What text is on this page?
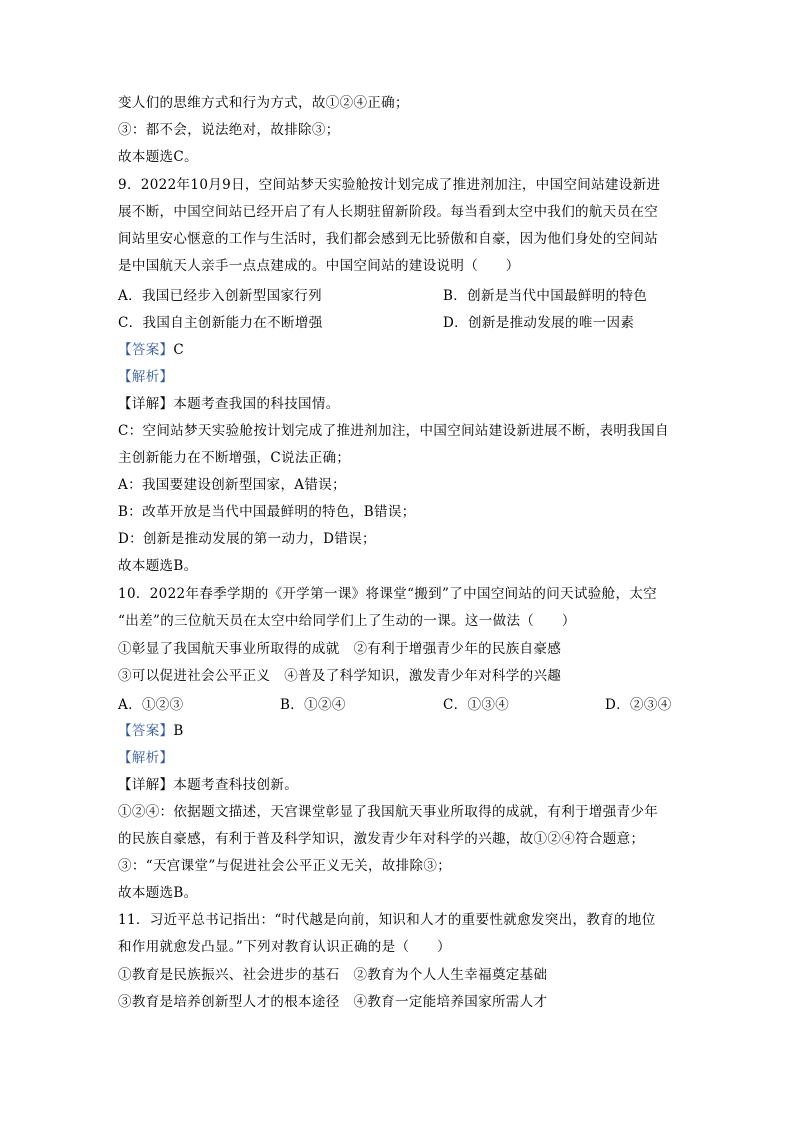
变人们的思维方式和行为方式，故①②④正确；
③：都不会，说法绝对，故排除③；
故本题选C。
9．2022年10月9日，空间站梦天实验舱按计划完成了推进剂加注，中国空间站建设新进
展不断，中国空间站已经开启了有人长期驻留新阶段。每当看到太空中我们的航天员在空
间站里安心惬意的工作与生活时，我们都会感到无比骄傲和自豪，因为他们身处的空间站
是中国航天人亲手一点点建成的。中国空间站的建设说明（　　）
A．我国已经步入创新型国家行列	B．创新是当代中国最鲜明的特色
C．我国自主创新能力在不断增强	D．创新是推动发展的唯一因素
【答案】C
【解析】
【详解】本题考查我国的科技国情。
C：空间站梦天实验舱按计划完成了推进剂加注，中国空间站建设新进展不断，表明我国自
主创新能力在不断增强，C说法正确；
A：我国要建设创新型国家，A错误；
B：改革开放是当代中国最鲜明的特色，B错误；
D：创新是推动发展的第一动力，D错误；
故本题选B。
10．2022年春季学期的《开学第一课》将课堂“搬到”了中国空间站的问天试验舱，太空
“出差”的三位航天员在太空中给同学们上了生动的一课。这一做法（　　）
①彰显了我国航天事业所取得的成就　②有利于增强青少年的民族自豪感
③可以促进社会公平正义　④普及了科学知识，激发青少年对科学的兴趣
A．①②③	B．①②④	C．①③④	D．②③④
【答案】B
【解析】
【详解】本题考查科技创新。
①②④：依据题文描述，天宫课堂彰显了我国航天事业所取得的成就，有利于增强青少年
的民族自豪感，有利于普及科学知识，激发青少年对科学的兴趣，故①②④符合题意；
③：“天宫课堂”与促进社会公平正义无关，故排除③；
故本题选B。
11．习近平总书记指出：“时代越是向前，知识和人才的重要性就愈发突出，教育的地位
和作用就愈发凸显。”下列对教育认识正确的是（　　）
①教育是民族振兴、社会进步的基石　②教育为个人人生幸福奠定基础
③教育是培养创新型人才的根本途径　④教育一定能培养国家所需人才
